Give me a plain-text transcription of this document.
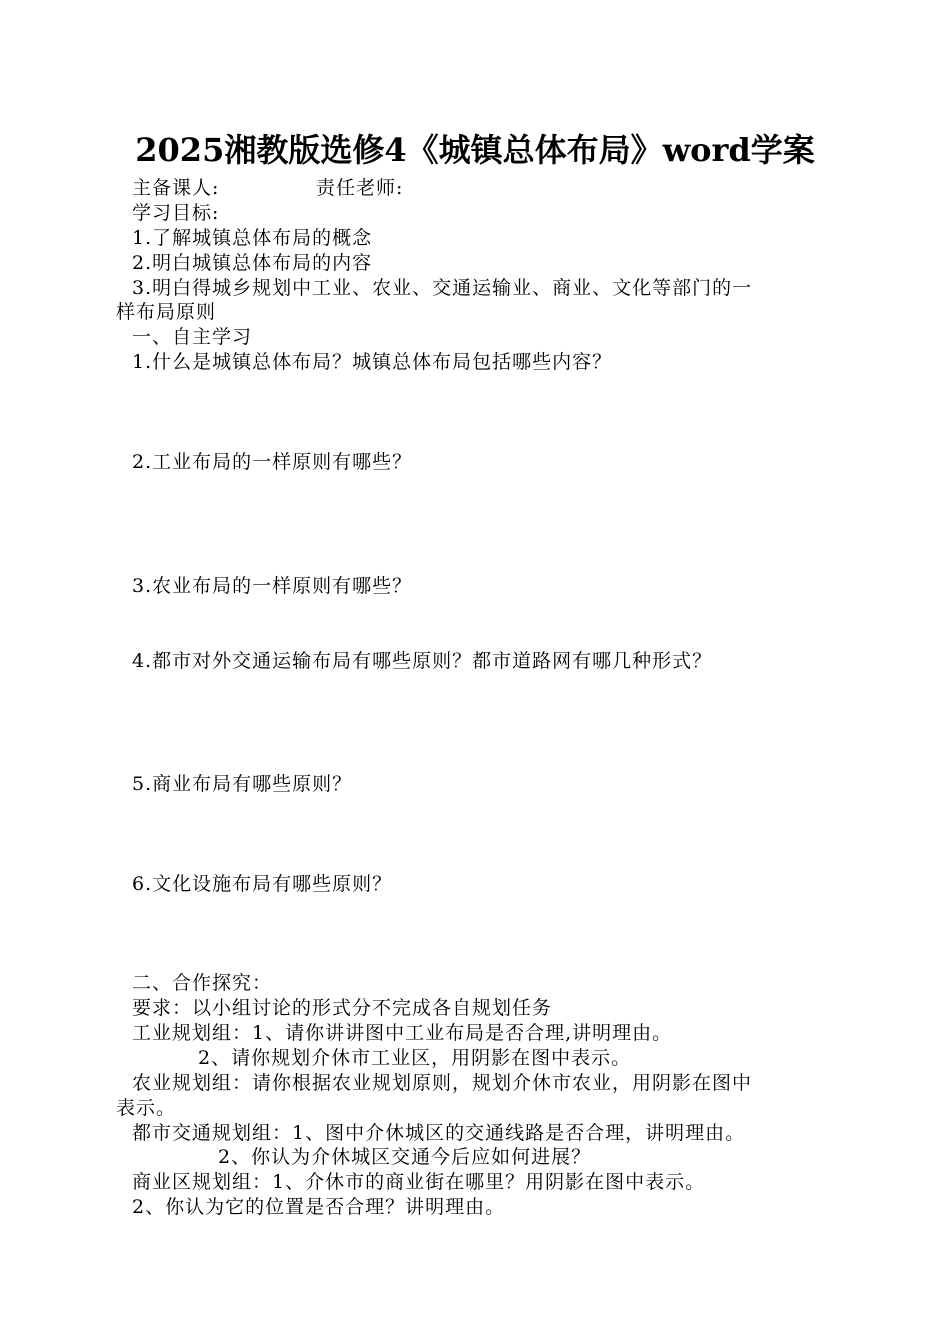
2025湘教版选修4《城镇总体布局》word学案
主备课人:	责任老师:
学习目标:
1.了解城镇总体布局的概念
2.明白城镇总体布局的内容
3.明白得城乡规划中工业、农业、交通运输业、商业、文化等部门的一
样布局原则
一、自主学习
1.什么是城镇总体布局？城镇总体布局包括哪些内容？
2.工业布局的一样原则有哪些？
3.农业布局的一样原则有哪些？
4.都市对外交通运输布局有哪些原则？都市道路网有哪几种形式？
5.商业布局有哪些原则？
6.文化设施布局有哪些原则？
二、合作探究：
要求：以小组讨论的形式分不完成各自规划任务
工业规划组：1、请你讲讲图中工业布局是否合理,讲明理由。
2、请你规划介休市工业区，用阴影在图中表示。
农业规划组：请你根据农业规划原则，规划介休市农业，用阴影在图中
表示。
都市交通规划组：1、图中介休城区的交通线路是否合理，讲明理由。
2、你认为介休城区交通今后应如何进展？
商业区规划组：1、介休市的商业街在哪里？用阴影在图中表示。
2、你认为它的位置是否合理？讲明理由。
